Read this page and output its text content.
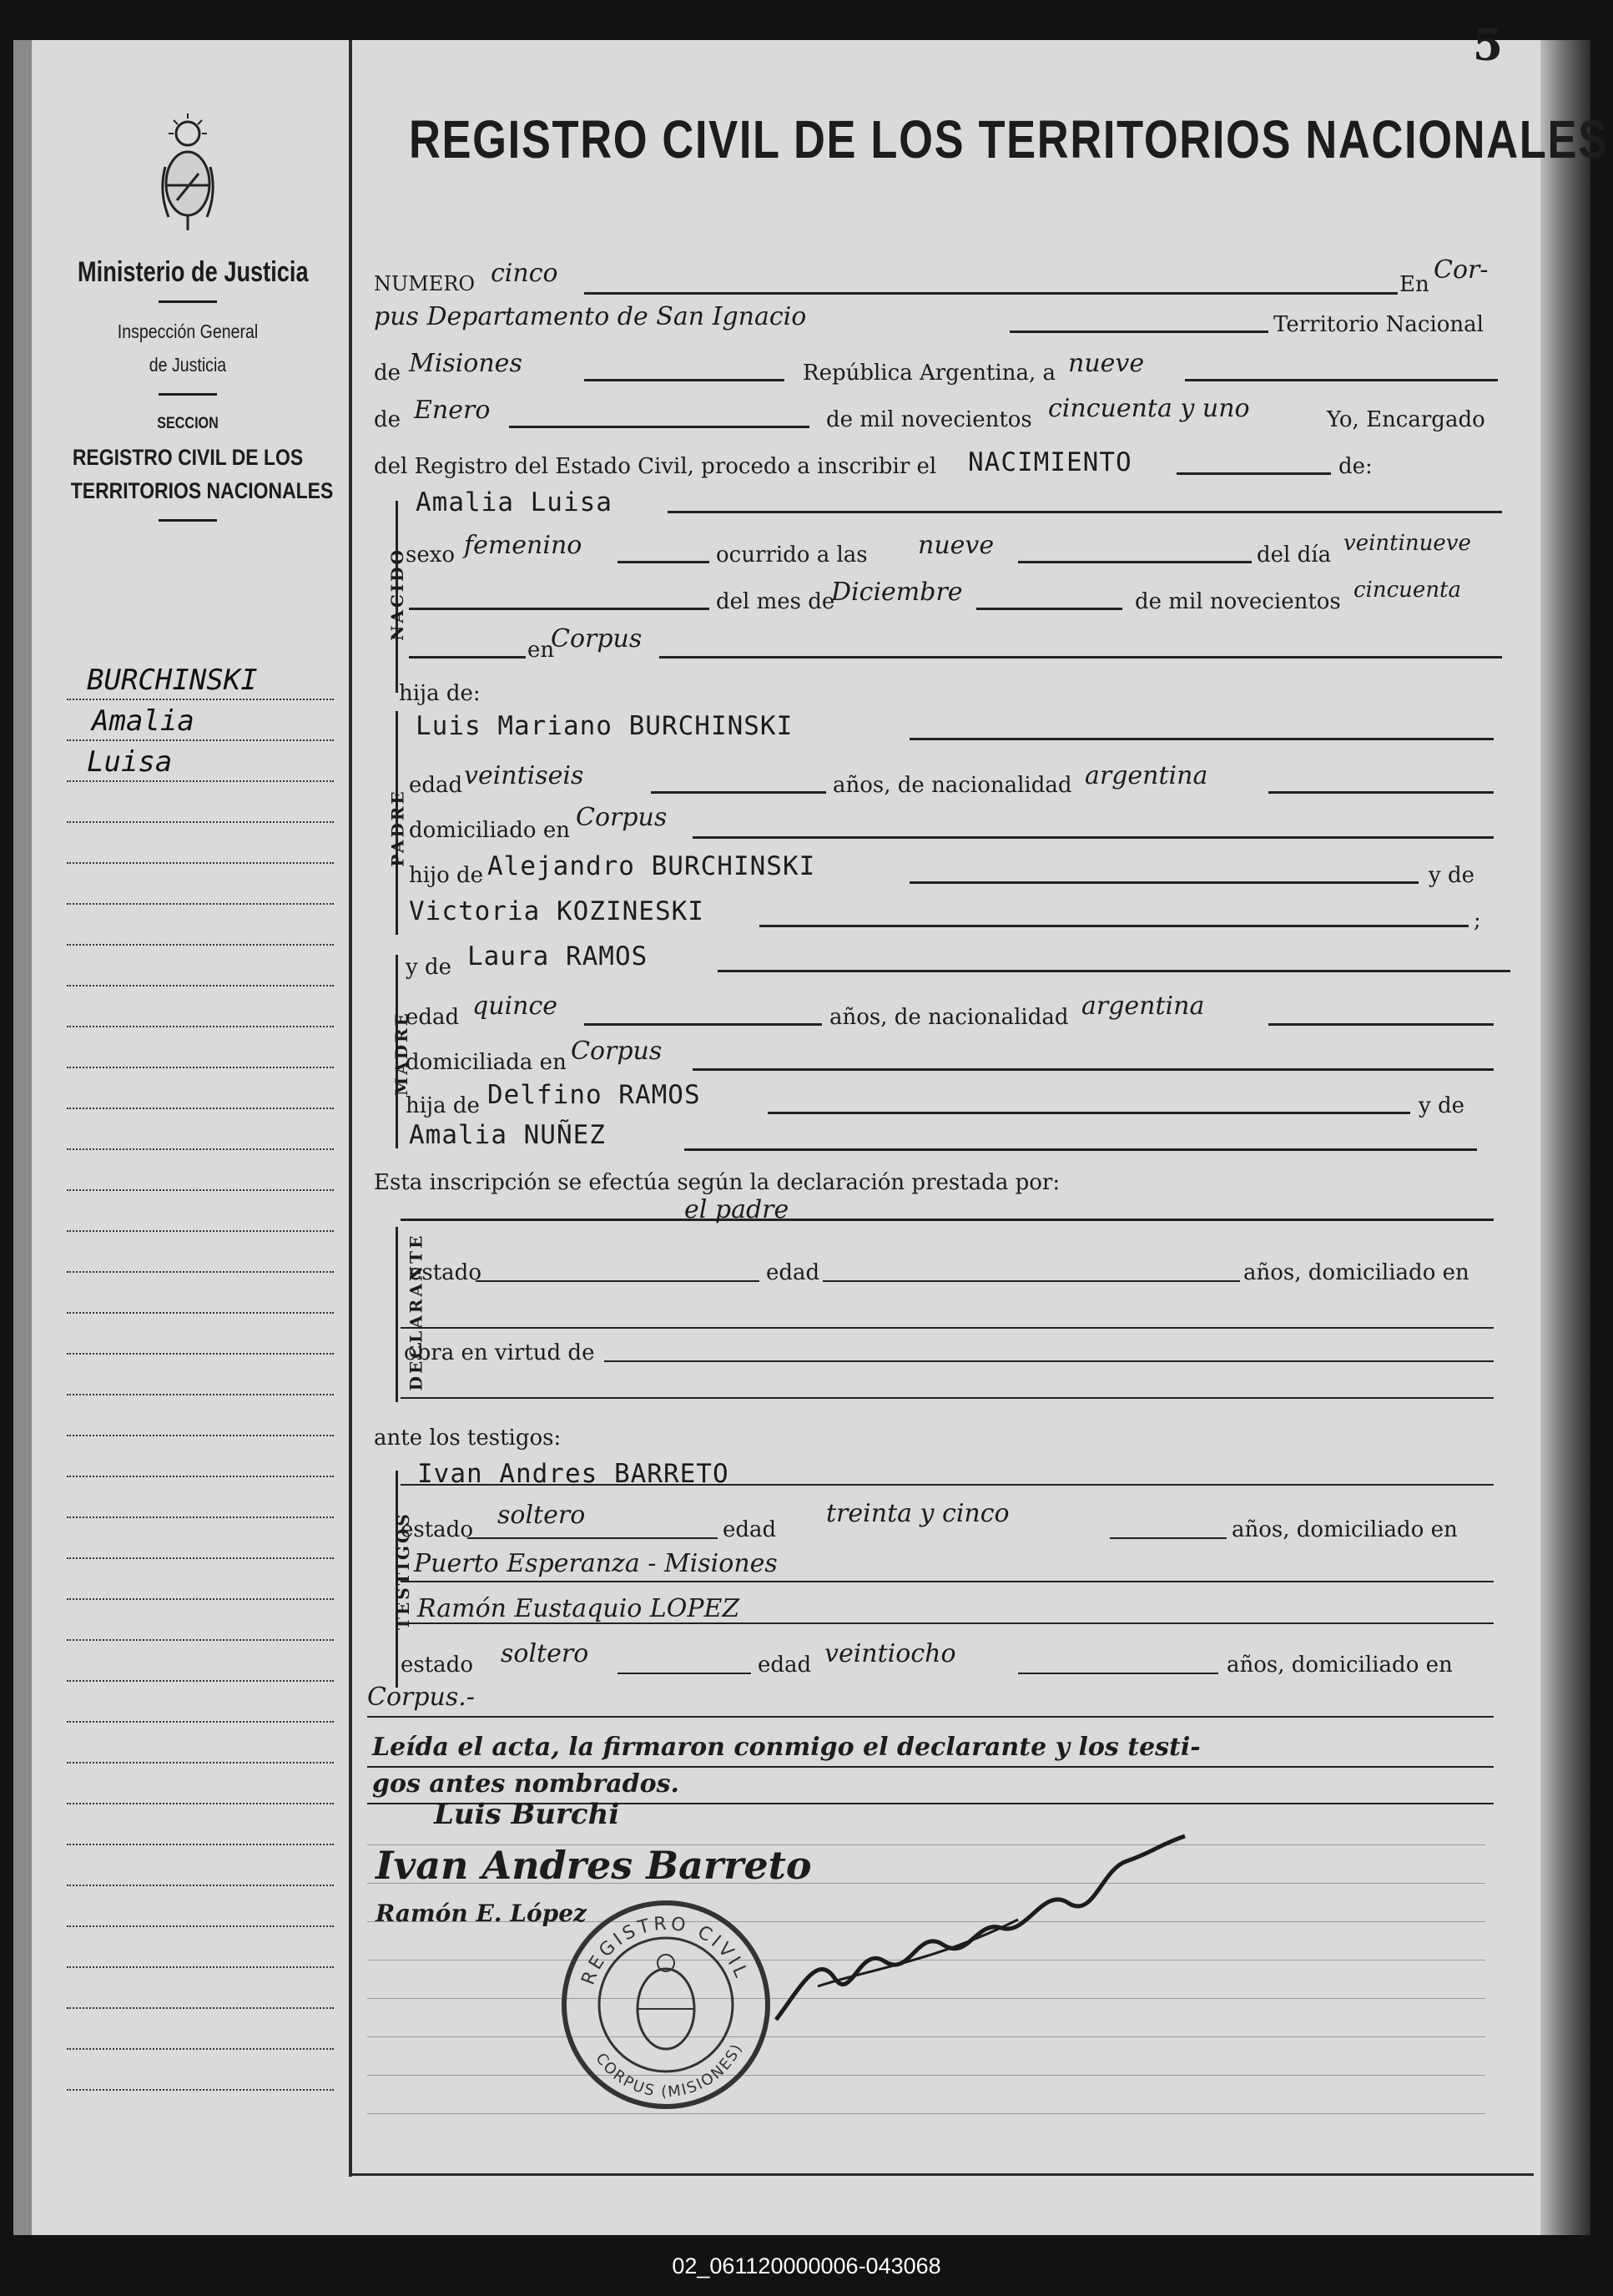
Ministerio de Justicia
Inspección General
de Justicia
SECCION
REGISTRO CIVIL DE LOS
TERRITORIOS NACIONALES
BURCHINSKI
Amalia
Luisa
5
REGISTRO CIVIL DE LOS TERRITORIOS NACIONALES
NUMERO cinco	En Cor-
pus Departamento de San Ignacio	Territorio Nacional
de Misiones	República Argentina, a nueve
de Enero	de mil novecientos cincuenta y uno	Yo, Encargado
del Registro del Estado Civil, procedo a inscribir el NACIMIENTO	de:
NACIDO
Amalia Luisa
sexo femenino	ocurrido a las nueve	del día veintinueve
del mes de
Diciembre	de mil novecientos cincuenta
en
Corpus
hija de:
PADRE
Luis Mariano BURCHINSKI
edad veintiseis	años, de nacionalidad argentina
domiciliado en Corpus
hijo de Alejandro BURCHINSKI	y de
Victoria KOZINESKI	;
MADRE
y de Laura RAMOS
edad quince	años, de nacionalidad argentina
domiciliada en Corpus
hija de Delfino RAMOS	y de
Amalia NUÑEZ
Esta inscripción se efectúa según la declaración prestada por:
el padre
DECLARANTE
estado	edad	años, domiciliado en
obra en virtud de
ante los testigos:
TESTIGOS
Ivan Andres BARRETO
estado soltero	edad
treinta y cinco
años, domiciliado en
Puerto Esperanza - Misiones
Ramón Eustaquio LOPEZ
estado soltero	edad veintiocho	años, domiciliado en
Corpus.-
Leída el acta, la firmaron conmigo el declarante y los testi-
gos antes nombrados.
Luis Burchi
Ivan Andres Barreto
Ramón E. López
REGISTRO CIVIL
CORPUS (MISIONES)
02_061120000006-043068
